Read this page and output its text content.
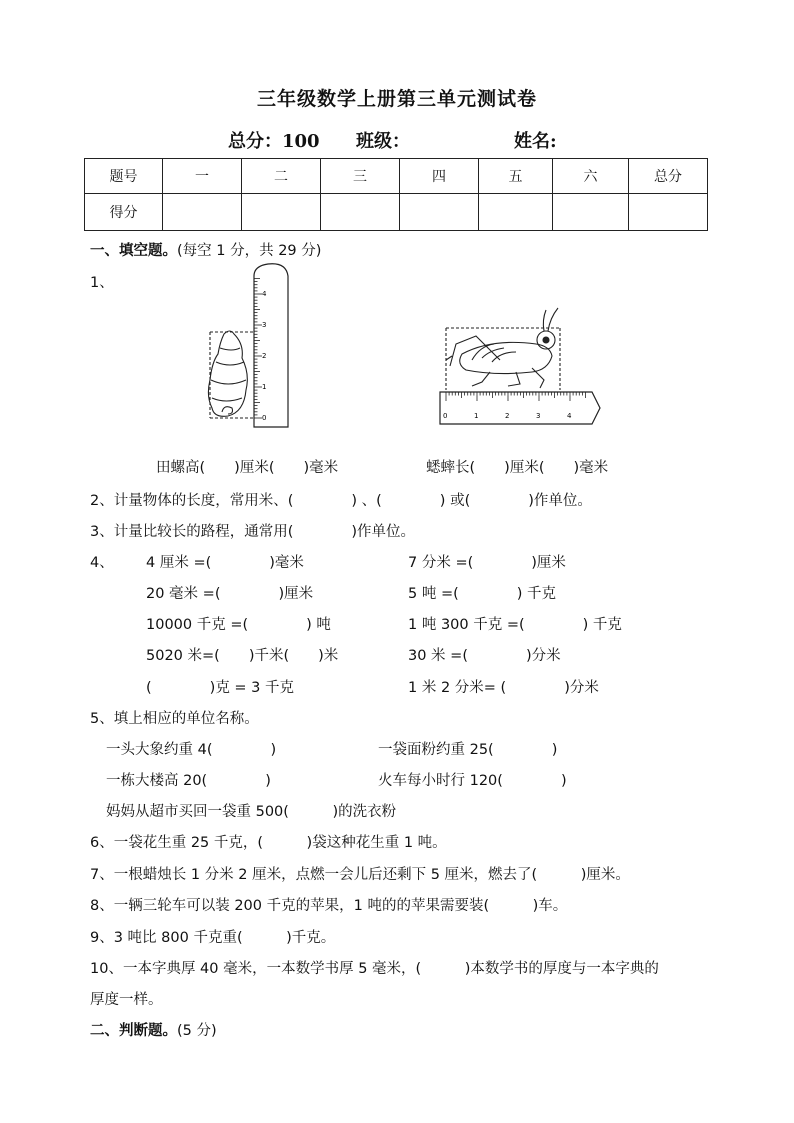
三年级数学上册第三单元测试卷
总分：100 班级：	姓名:
题号	一	二	三	四	五	六	总分
得分							
一、填空题。(每空 1 分，共 29 分)
1、
0
1
2
3
4
0	1	2	3	4
田螺高(　　)厘米(　　)毫米	蟋蟀长(　　)厘米(　　)毫米
2、计量物体的长度，常用米、(　　　　) 、(　　　　) 或(　　　　)作单位。
3、计量比较长的路程，通常用(　　　　)作单位。
4、 4 厘米 =(　　　　)毫米	7 分米 =(　　　　)厘米
20 毫米 =(　　　　)厘米	5 吨 =(　　　　) 千克
10000 千克 =(　　　　) 吨	1 吨 300 千克 =(　　　　) 千克
5020 米=(　　)千米(　　)米	30 米 =(　　　　)分米
(　　　　)克 = 3 千克	1 米 2 分米= (　　　　)分米
5、填上相应的单位名称。
一头大象约重 4(　　　　)	一袋面粉约重 25(　　　　)
一栋大楼高 20(　　　　)	火车每小时行 120(　　　　)
妈妈从超市买回一袋重 500(　　　)的洗衣粉
6、一袋花生重 25 千克，(　　　)袋这种花生重 1 吨。
7、一根蜡烛长 1 分米 2 厘米，点燃一会儿后还剩下 5 厘米，燃去了(　　　)厘米。
8、一辆三轮车可以装 200 千克的苹果，1 吨的的苹果需要装(　　　)车。
9、3 吨比 800 千克重(　　　)千克。
10、一本字典厚 40 毫米，一本数学书厚 5 毫米，(　　　)本数学书的厚度与一本字典的
厚度一样。
二、判断题。(5 分)
